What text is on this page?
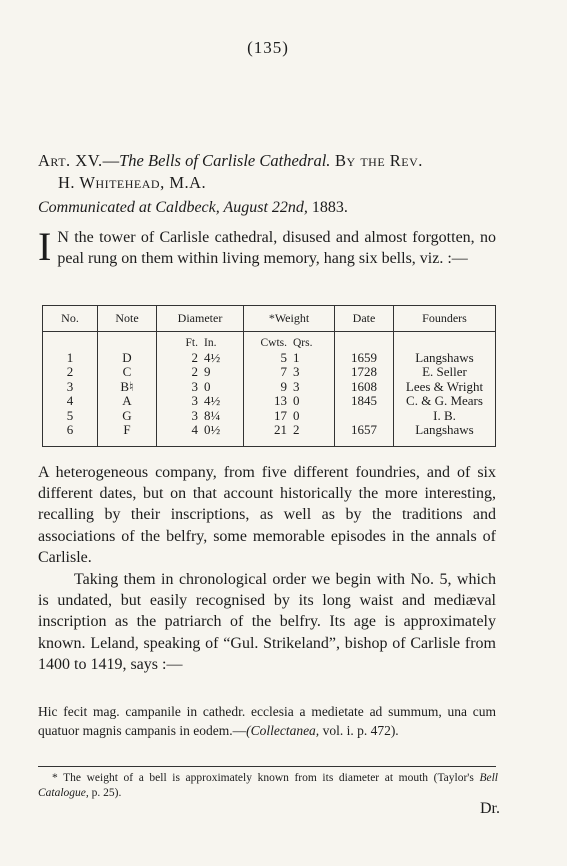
(135)
Art. XV.—The Bells of Carlisle Cathedral. By the Rev.
H. Whitehead, M.A.
Communicated at Caldbeck, August 22nd, 1883.
I N the tower of Carlisle cathedral, disused and almost forgotten, no peal rung on them within living memory, hang six bells, viz. :—
No.	Note	Diameter	*Weight	Date	Founders
		Ft. In.	Cwts. Qrs.		
1	D	2 4½	5 1	1659	Langshaws
2	C	2 9	7 3	1728	E. Seller
3	B♮	3 0	9 3	1608	Lees & Wright
4	A	3 4½	13 0	1845	C. & G. Mears
5	G	3 8¼	17 0		I. B.
6	F	4 0½	21 2	1657	Langshaws
A heterogeneous company, from five different foundries, and of six different dates, but on that account historically the more interesting, recalling by their inscriptions, as well as by the traditions and associations of the belfry, some memorable episodes in the annals of Carlisle.
Taking them in chronological order we begin with No. 5, which is undated, but easily recognised by its long waist and mediæval inscription as the patriarch of the belfry. Its age is approximately known. Leland, speaking of “Gul. Strikeland”, bishop of Carlisle from 1400 to 1419, says :—
Hic fecit mag. campanile in cathedr. ecclesia a medietate ad summum, una cum quatuor magnis campanis in eodem.—(Collectanea, vol. i. p. 472).
* The weight of a bell is approximately known from its diameter at mouth (Taylor's Bell Catalogue, p. 25).
Dr.
